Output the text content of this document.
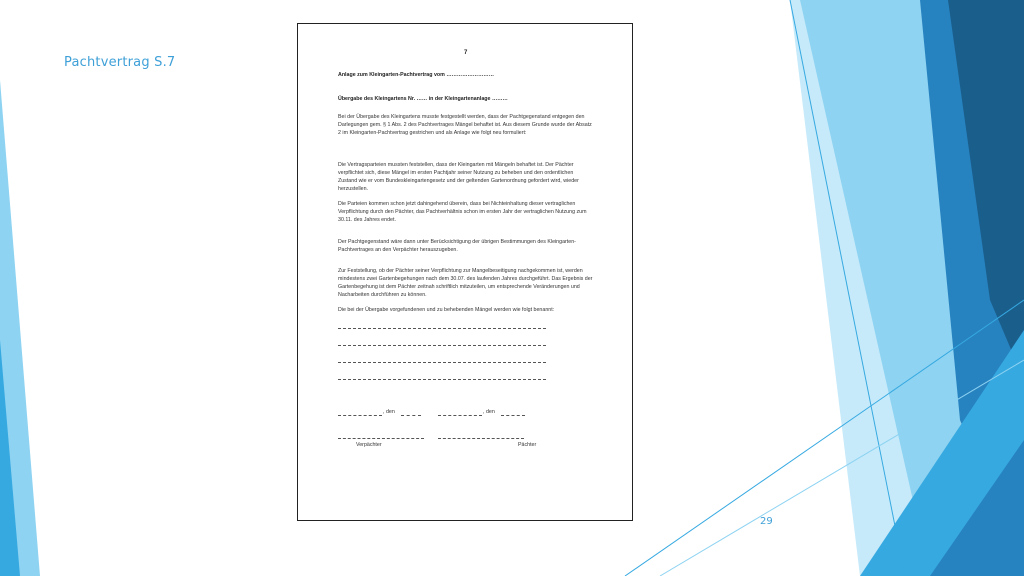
Pachtvertrag S.7
29
7

Anlage zum Kleingarten-Pachtvertrag vom ………………………

Übergabe des Kleingartens Nr. …… in der Kleingartenanlage ………

Bei der Übergabe des Kleingartens musste festgestellt werden, dass der Pachtgegenstand entgegen den Darlegungen gem. § 1 Abs. 2 des Pachtvertrages Mängel behaftet ist. Aus diesem Grunde wurde der Absatz 2 im Kleingarten-Pachtvertrag gestrichen und als Anlage wie folgt neu formuliert:

Die Vertragsparteien mussten feststellen, dass der Kleingarten mit Mängeln behaftet ist. Der Pächter verpflichtet sich, diese Mängel im ersten Pachtjahr seiner Nutzung zu beheben und den ordentlichen Zustand wie er vom Bundeskleingartengesetz und der geltenden Gartenordnung gefordert wird, wieder herzustellen.

Die Parteien kommen schon jetzt dahingehend überein, dass bei Nichteinhaltung dieser vertraglichen Verpflichtung durch den Pächter, das Pachtverhältnis schon im ersten Jahr der vertraglichen Nutzung zum 30.11. des Jahres endet.

Der Pachtgegenstand wäre dann unter Berücksichtigung der übrigen Bestimmungen des Kleingarten-Pachtvertrages an den Verpächter herauszugeben.

Zur Feststellung, ob der Pächter seiner Verpflichtung zur Mangelbeseitigung nachgekommen ist, werden mindestens zwei Gartenbegehungen nach dem 30.07. des laufenden Jahres durchgeführt. Das Ergebnis der Gartenbegehung ist dem Pächter zeitnah schriftlich mitzuteilen, um entsprechende Veränderungen und Nacharbeiten durchführen zu können.

Die bei der Übergabe vorgefundenen und zu behebenden Mängel werden wie folgt benannt:

, den	, den
Verpächter	Pächter
